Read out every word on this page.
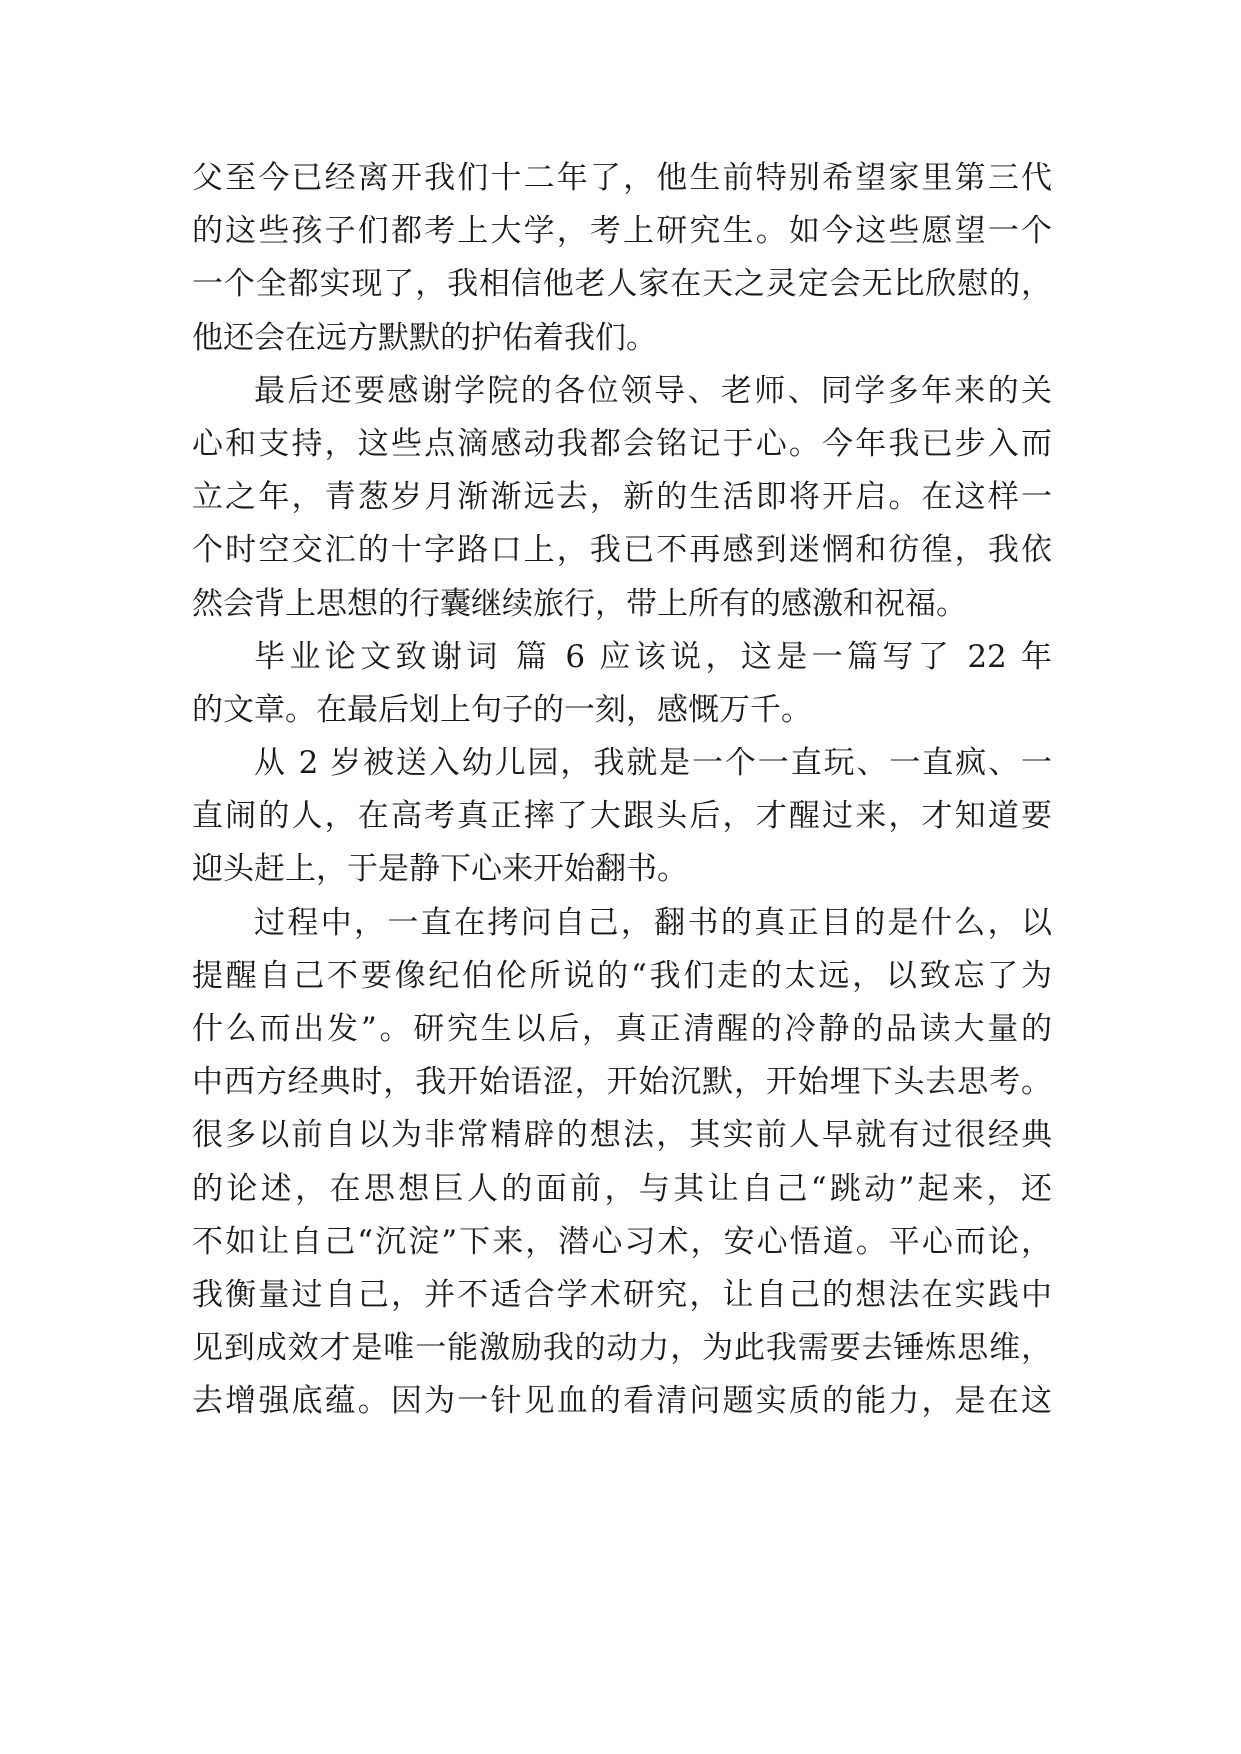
父至今已经离开我们十二年了，他生前特别希望家里第三代
的这些孩子们都考上大学，考上研究生。如今这些愿望一个
一个全都实现了，我相信他老人家在天之灵定会无比欣慰的，
他还会在远方默默的护佑着我们。
最后还要感谢学院的各位领导、老师、同学多年来的关
心和支持，这些点滴感动我都会铭记于心。今年我已步入而
立之年，青葱岁月渐渐远去，新的生活即将开启。在这样一
个时空交汇的十字路口上，我已不再感到迷惘和彷徨，我依
然会背上思想的行囊继续旅行，带上所有的感激和祝福。
毕业论文致谢词 篇 6 应该说，这是一篇写了 22 年
的文章。在最后划上句子的一刻，感慨万千。
从 2 岁被送入幼儿园，我就是一个一直玩、一直疯、一
直闹的人，在高考真正摔了大跟头后，才醒过来，才知道要
迎头赶上，于是静下心来开始翻书。
过程中，一直在拷问自己，翻书的真正目的是什么，以
提醒自己不要像纪伯伦所说的“我们走的太远，以致忘了为
什么而出发”。研究生以后，真正清醒的冷静的品读大量的
中西方经典时，我开始语涩，开始沉默，开始埋下头去思考。
很多以前自以为非常精辟的想法，其实前人早就有过很经典
的论述，在思想巨人的面前，与其让自己“跳动”起来，还
不如让自己“沉淀”下来，潜心习术，安心悟道。平心而论，
我衡量过自己，并不适合学术研究，让自己的想法在实践中
见到成效才是唯一能激励我的动力，为此我需要去锤炼思维，
去增强底蕴。因为一针见血的看清问题实质的能力，是在这
